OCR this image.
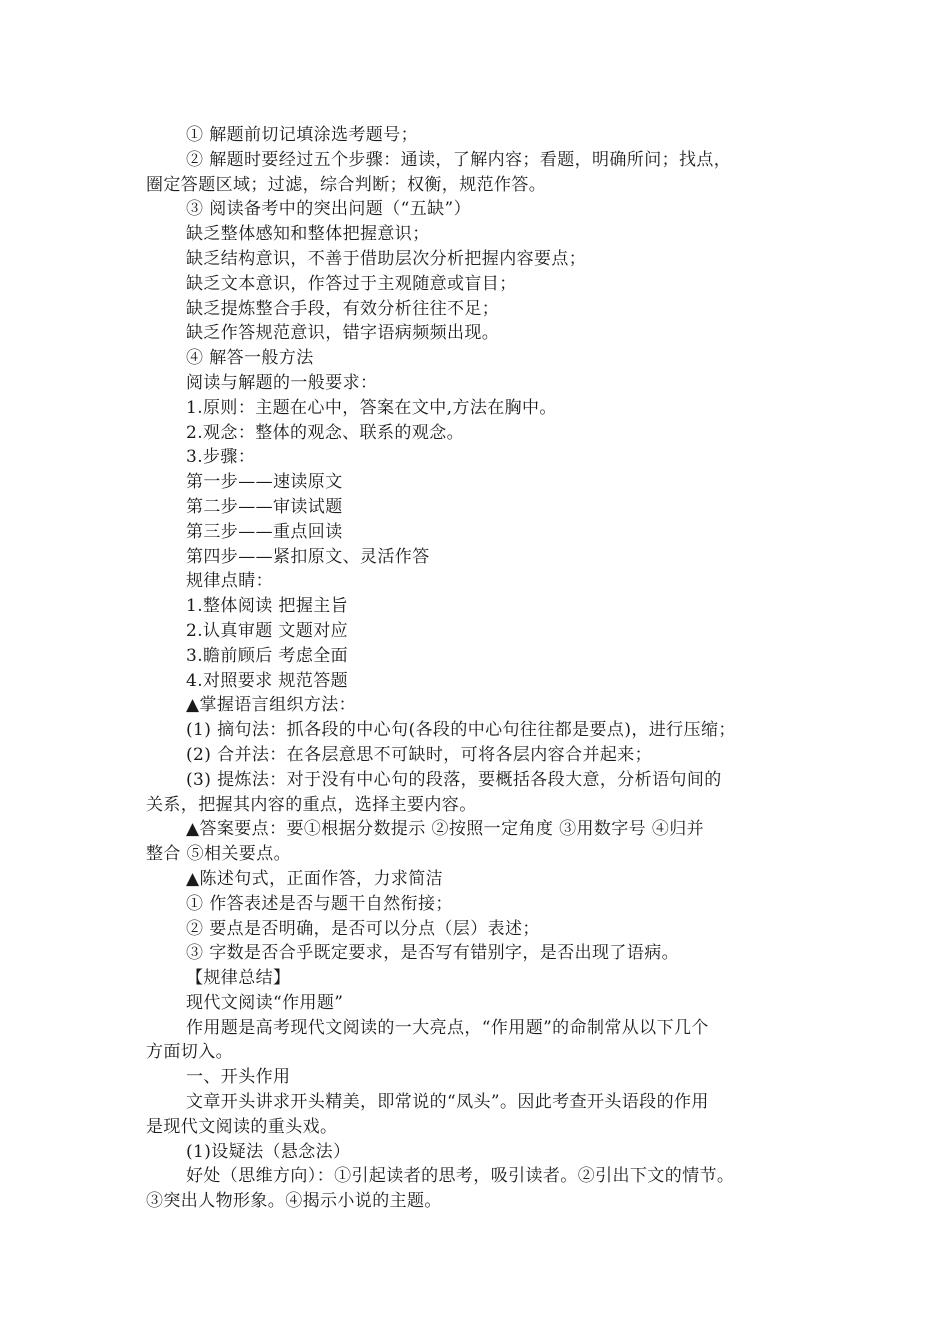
① 解题前切记填涂选考题号；
② 解题时要经过五个步骤：通读，了解内容；看题，明确所问；找点，
圈定答题区域；过滤，综合判断；权衡，规范作答。
③ 阅读备考中的突出问题（“五缺”）
缺乏整体感知和整体把握意识；
缺乏结构意识，不善于借助层次分析把握内容要点；
缺乏文本意识，作答过于主观随意或盲目；
缺乏提炼整合手段，有效分析往往不足；
缺乏作答规范意识，错字语病频频出现。
④ 解答一般方法
阅读与解题的一般要求：
1.原则：主题在心中，答案在文中,方法在胸中。
2.观念：整体的观念、联系的观念。
3.步骤：
第一步——速读原文
第二步——审读试题
第三步——重点回读
第四步——紧扣原文、灵活作答
规律点睛：
1.整体阅读 把握主旨
2.认真审题 文题对应
3.瞻前顾后 考虑全面
4.对照要求 规范答题
▲掌握语言组织方法：
(1) 摘句法：抓各段的中心句(各段的中心句往往都是要点)，进行压缩；
(2) 合并法：在各层意思不可缺时，可将各层内容合并起来；
(3) 提炼法：对于没有中心句的段落，要概括各段大意，分析语句间的
关系，把握其内容的重点，选择主要内容。
▲答案要点：要①根据分数提示 ②按照一定角度 ③用数字号 ④归并
整合 ⑤相关要点。
▲陈述句式，正面作答，力求简洁
① 作答表述是否与题干自然衔接；
② 要点是否明确，是否可以分点（层）表述；
③ 字数是否合乎既定要求，是否写有错别字，是否出现了语病。
【规律总结】
现代文阅读“作用题”
作用题是高考现代文阅读的一大亮点，“作用题”的命制常从以下几个
方面切入。
一、开头作用
文章开头讲求开头精美，即常说的“凤头”。因此考查开头语段的作用
是现代文阅读的重头戏。
(1)设疑法（悬念法）
好处（思维方向）：①引起读者的思考，吸引读者。②引出下文的情节。
③突出人物形象。④揭示小说的主题。
